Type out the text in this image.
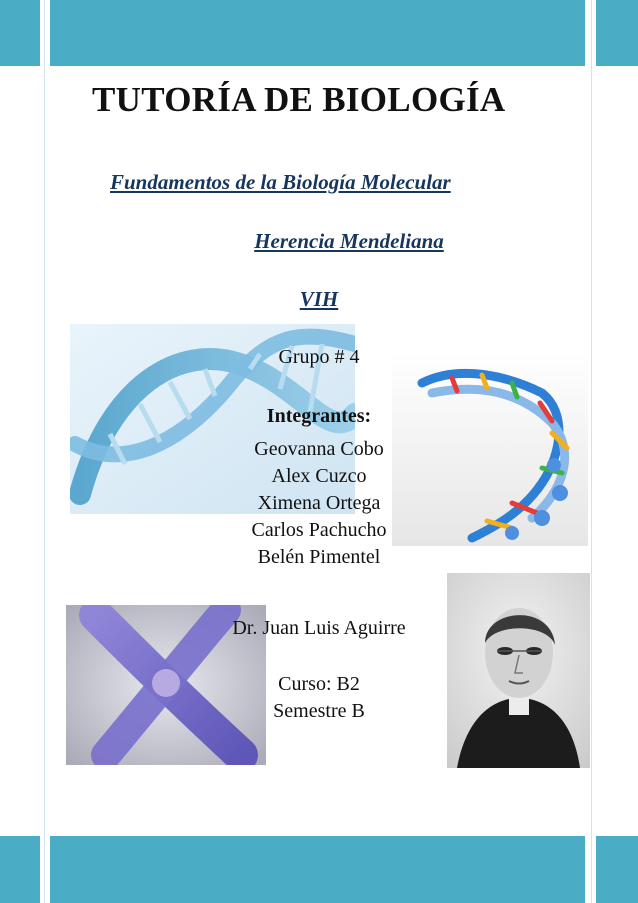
TUTORÍA DE BIOLOGÍA
Fundamentos de la Biología Molecular
Herencia Mendeliana
VIH
Grupo # 4
Integrantes:
Geovanna Cobo
Alex Cuzco
Ximena Ortega
Carlos Pachucho
Belén Pimentel
Dr. Juan Luis Aguirre
Curso: B2
Semestre B
